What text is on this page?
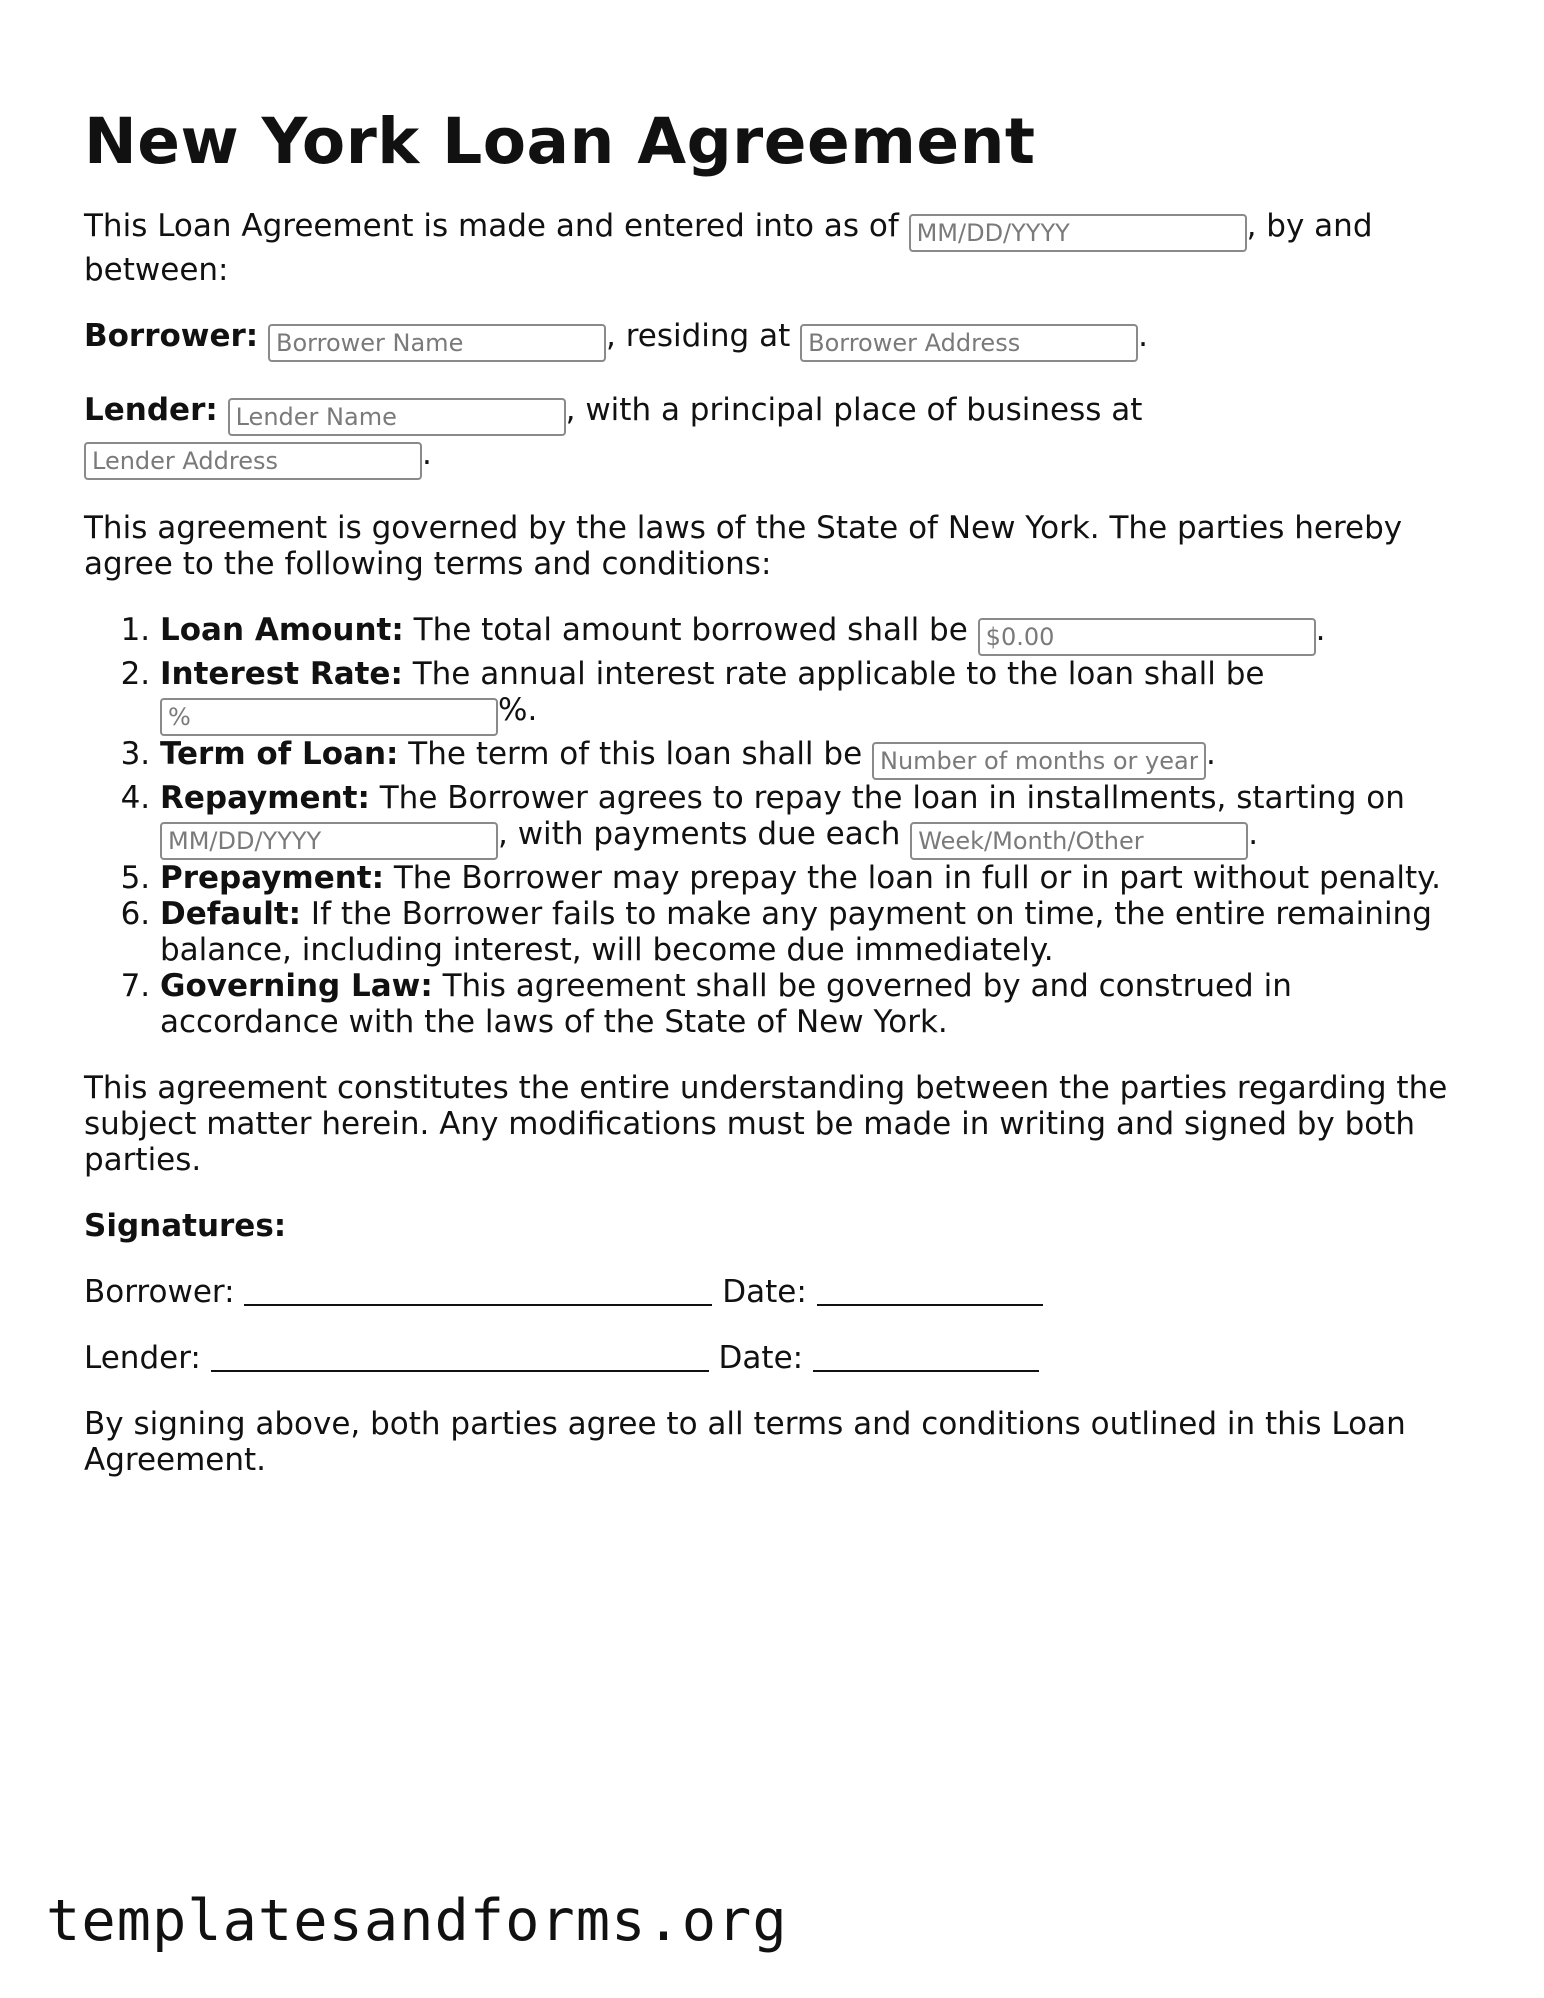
New York Loan Agreement

This Loan Agreement is made and entered into as of MM/DD/YYYY	, by and between:

Borrower: Borrower Name	, residing at Borrower Address	.

Lender: Lender Name	, with a principal place of business at Lender Address.

This agreement is governed by the laws of the State of New York. The parties hereby agree to the following terms and conditions:

1. Loan Amount: The total amount borrowed shall be $0.00	.
2. Interest Rate: The annual interest rate applicable to the loan shall be %%.
3. Term of Loan: The term of this loan shall be Number of months or years	.
4. Repayment: The Borrower agrees to repay the loan in installments, starting on MM/DD/YYYY, with payments due each Week/Month/Other	.
5. Prepayment: The Borrower may prepay the loan in full or in part without penalty.
6. Default: If the Borrower fails to make any payment on time, the entire remaining balance, including interest, will become due immediately.
7. Governing Law: This agreement shall be governed by and construed in accordance with the laws of the State of New York.

This agreement constitutes the entire understanding between the parties regarding the subject matter herein. Any modifications must be made in writing and signed by both parties.

Signatures:

Borrower:	Date:

Lender:	Date:

By signing above, both parties agree to all terms and conditions outlined in this Loan Agreement.

templatesandforms.org
